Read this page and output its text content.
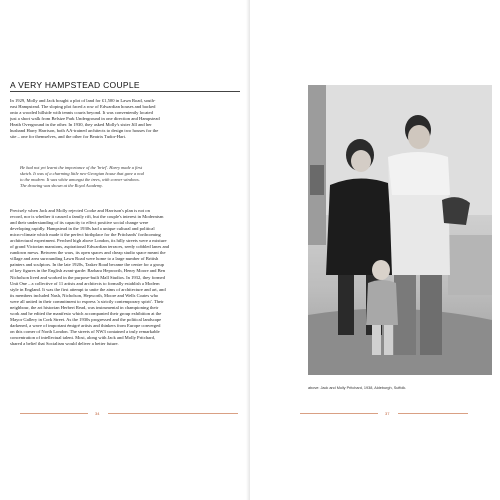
A VERY HAMPSTEAD COUPLE
In 1929, Molly and Jack bought a plot of land for £1,500 in Lawn Road, south-
east Hampstead. The sloping plot faced a row of Edwardian houses and backed
onto a wooded hillside with tennis courts beyond. It was conveniently located
just a short walk from Belsize Park Underground in one direction and Hampstead
Heath Overground in the other. In 1930, they asked Molly's sister Jill and her
husband Harry Harrison, both AA-trained architects to design two houses for the
site – one for themselves, and the other for Beatrix Tudor-Hart.
He had not yet learnt the importance of the 'brief'. Harry made a first
sketch. It was of a charming little neo-Georgian house that gave a nod
to the modern. It was white amongst the trees, with corner windows.
The drawing was shown at the Royal Academy.
Precisely when Jack and Molly rejected Cooke and Harrison's plan is not on
record, nor is whether it caused a family rift, but the couple's interest in Modernism
and their understanding of its capacity to effect positive social change were
developing rapidly. Hampstead in the 1930s had a unique cultural and political
micro-climate which made it the perfect birthplace for the Pritchards' forthcoming
architectural experiment. Perched high above London, its hilly streets were a mixture
of grand Victorian mansions, aspirational Edwardian terraces, seedy cobbled lanes and
rundown mews. Between the wars, its open spaces and cheap studio space meant the
village and area surrounding Lawn Road were home to a large number of British
painters and sculptors. In the late 1920s, Tasker Road became the centre for a group
of key figures in the English avant-garde: Barbara Hepworth, Henry Moore and Ben
Nicholson lived and worked in the purpose-built Mall Studios. In 1932, they formed
Unit One – a collective of 11 artists and architects to formally establish a Modern
style in England. It was the first attempt to unite the aims of architecture and art, and
its members included Nash, Nicholson, Hepworth, Moore and Wells Coates who
were all united in their commitment to express 'a strictly contemporary spirit'. Their
neighbour, the art historian Herbert Read, was instrumental in championing their
work and he edited the manifesto which accompanied their group exhibition at the
Mayor Gallery in Cork Street. As the 1930s progressed and the political landscape
darkened, a wave of important émigré artists and thinkers from Europe converged
on this corner of North London. The streets of NW3 contained a truly remarkable
concentration of intellectual talent. Most, along with Jack and Molly Pritchard,
shared a belief that Socialism would deliver a better future.
34
above: Jack and Molly Pritchard, 1938, Aldeburgh, Suffolk.
37
